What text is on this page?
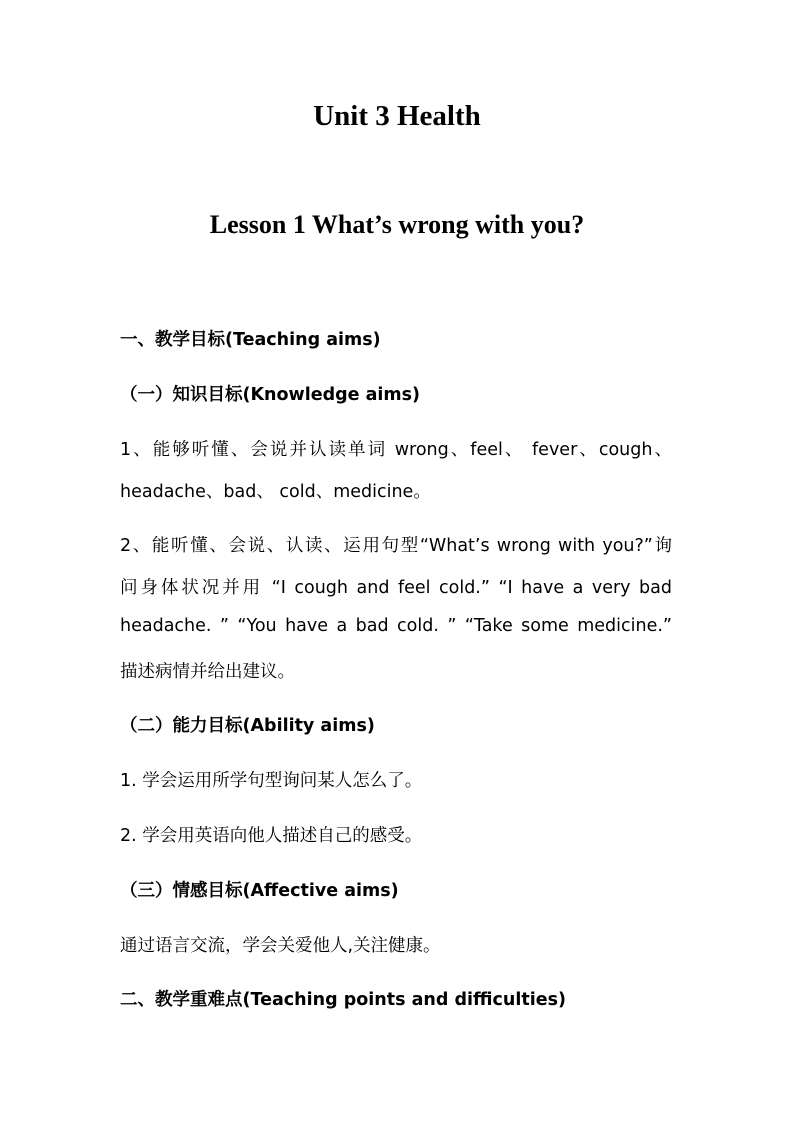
Unit 3 Health
Lesson 1 What’s wrong with you?
一、教学目标(Teaching aims)
（一）知识目标(Knowledge aims)
1、能够听懂、会说并认读单词 wrong、feel、 fever、cough、
headache、bad、 cold、medicine。
2、能听懂、会说、认读、运用句型“What’s wrong with you?”询
问身体状况并用 “I cough and feel cold.” “I have a very bad
headache. ” “You have a bad cold. ” “Take some medicine.”
描述病情并给出建议。
（二）能力目标(Ability aims)
1. 学会运用所学句型询问某人怎么了。
2. 学会用英语向他人描述自己的感受。
（三）情感目标(Affective aims)
通过语言交流，学会关爱他人,关注健康。
二、教学重难点(Teaching points and difficulties)
